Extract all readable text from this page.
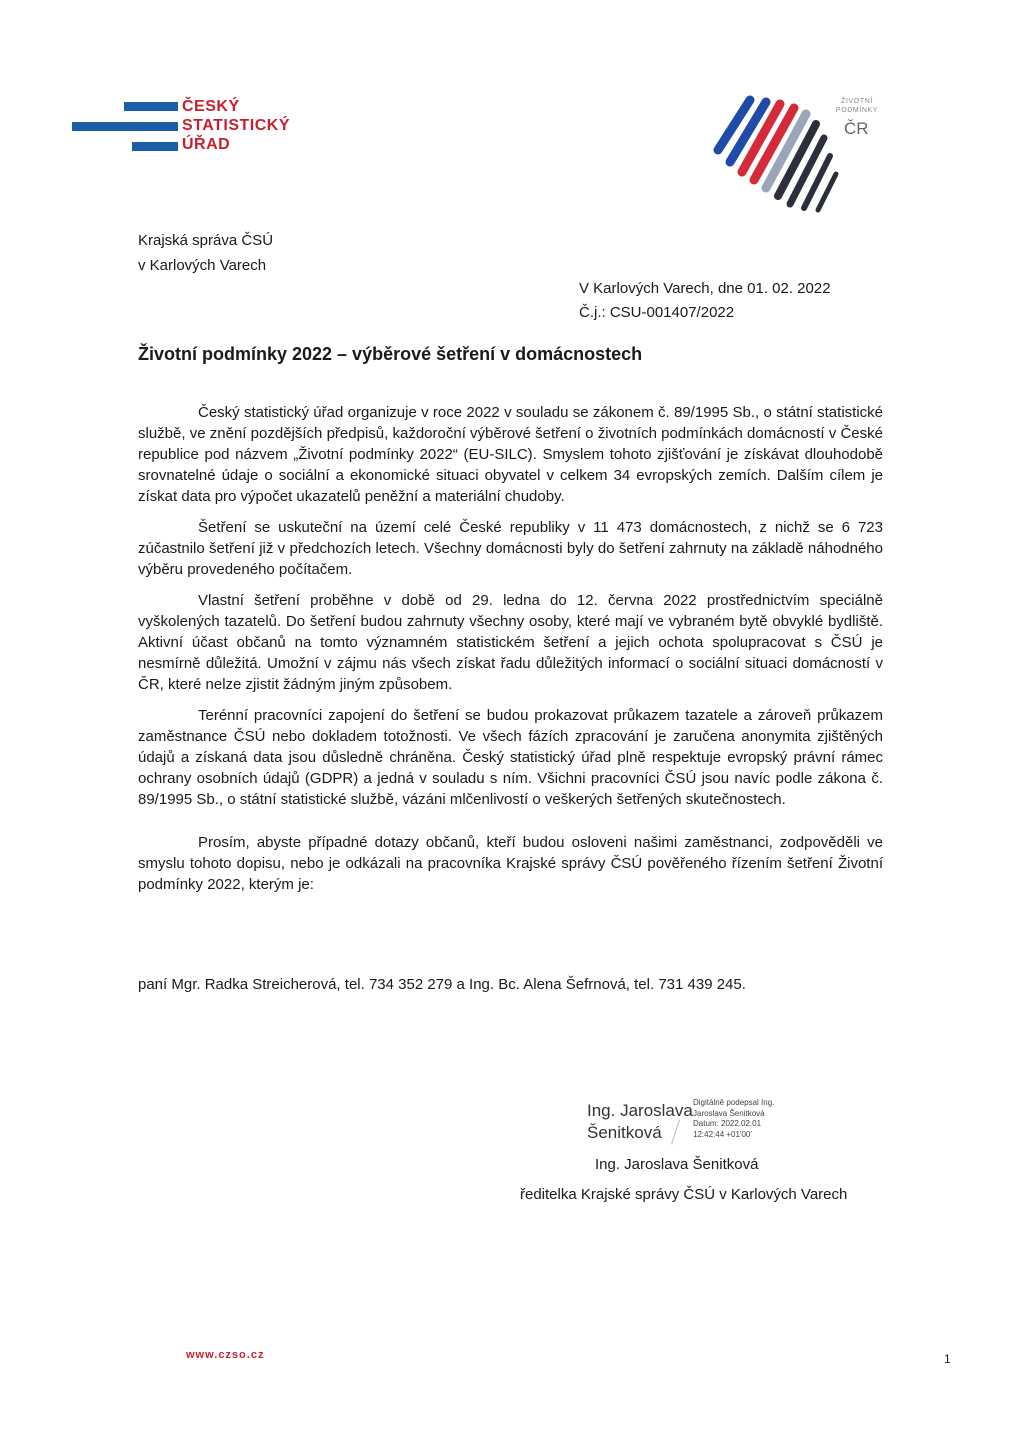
ČESKÝ
STATISTICKÝ
ÚŘAD
ŽIVOTNÍ
PODMÍNKY
ČR
Krajská správa ČSÚ
v Karlových Varech
V Karlových Varech, dne 01. 02. 2022
Č.j.: CSU-001407/2022
Životní podmínky 2022 – výběrové šetření v domácnostech

Český statistický úřad organizuje v roce 2022 v souladu se zákonem č. 89/1995 Sb., o státní statistické službě, ve znění pozdějších předpisů, každoroční výběrové šetření o životních podmínkách domácností v České republice pod názvem „Životní podmínky 2022“ (EU-SILC). Smyslem tohoto zjišťování je získávat dlouhodobě srovnatelné údaje o sociální a ekonomické situaci obyvatel v celkem 34 evropských zemích. Dalším cílem je získat data pro výpočet ukazatelů peněžní a materiální chudoby.

Šetření se uskuteční na území celé České republiky v 11 473 domácnostech, z nichž se 6 723 zúčastnilo šetření již v předchozích letech. Všechny domácnosti byly do šetření zahrnuty na základě náhodného výběru provedeného počítačem.

Vlastní šetření proběhne v době od 29. ledna do 12. června 2022 prostřednictvím speciálně vyškolených tazatelů. Do šetření budou zahrnuty všechny osoby, které mají ve vybraném bytě obvyklé bydliště. Aktivní účast občanů na tomto významném statistickém šetření a jejich ochota spolupracovat s ČSÚ je nesmírně důležitá. Umožní v zájmu nás všech získat řadu důležitých informací o sociální situaci domácností v ČR, které nelze zjistit žádným jiným způsobem.

Terénní pracovníci zapojení do šetření se budou prokazovat průkazem tazatele a zároveň průkazem zaměstnance ČSÚ nebo dokladem totožnosti. Ve všech fázích zpracování je zaručena anonymita zjištěných údajů a získaná data jsou důsledně chráněna. Český statistický úřad plně respektuje evropský právní rámec ochrany osobních údajů (GDPR) a jedná v souladu s ním. Všichni pracovníci ČSÚ jsou navíc podle zákona č. 89/1995 Sb., o státní statistické službě, vázáni mlčenlivostí o veškerých šetřených skutečnostech.

Prosím, abyste případné dotazy občanů, kteří budou osloveni našimi zaměstnanci, zodpověděli ve smyslu tohoto dopisu, nebo je odkázali na pracovníka Krajské správy ČSÚ pověřeného řízením šetření Životní podmínky 2022, kterým je:

paní Mgr. Radka Streicherová, tel. 734 352 279 a Ing. Bc. Alena Šefrnová, tel. 731 439 245.
Ing. Jaroslava
Šenitková
Digitálně podepsal Ing.
Jaroslava Šenitková
Datum: 2022.02.01
12:42:44 +01'00'
Ing. Jaroslava Šenitková
ředitelka Krajské správy ČSÚ v Karlových Varech
www.czso.cz	1
